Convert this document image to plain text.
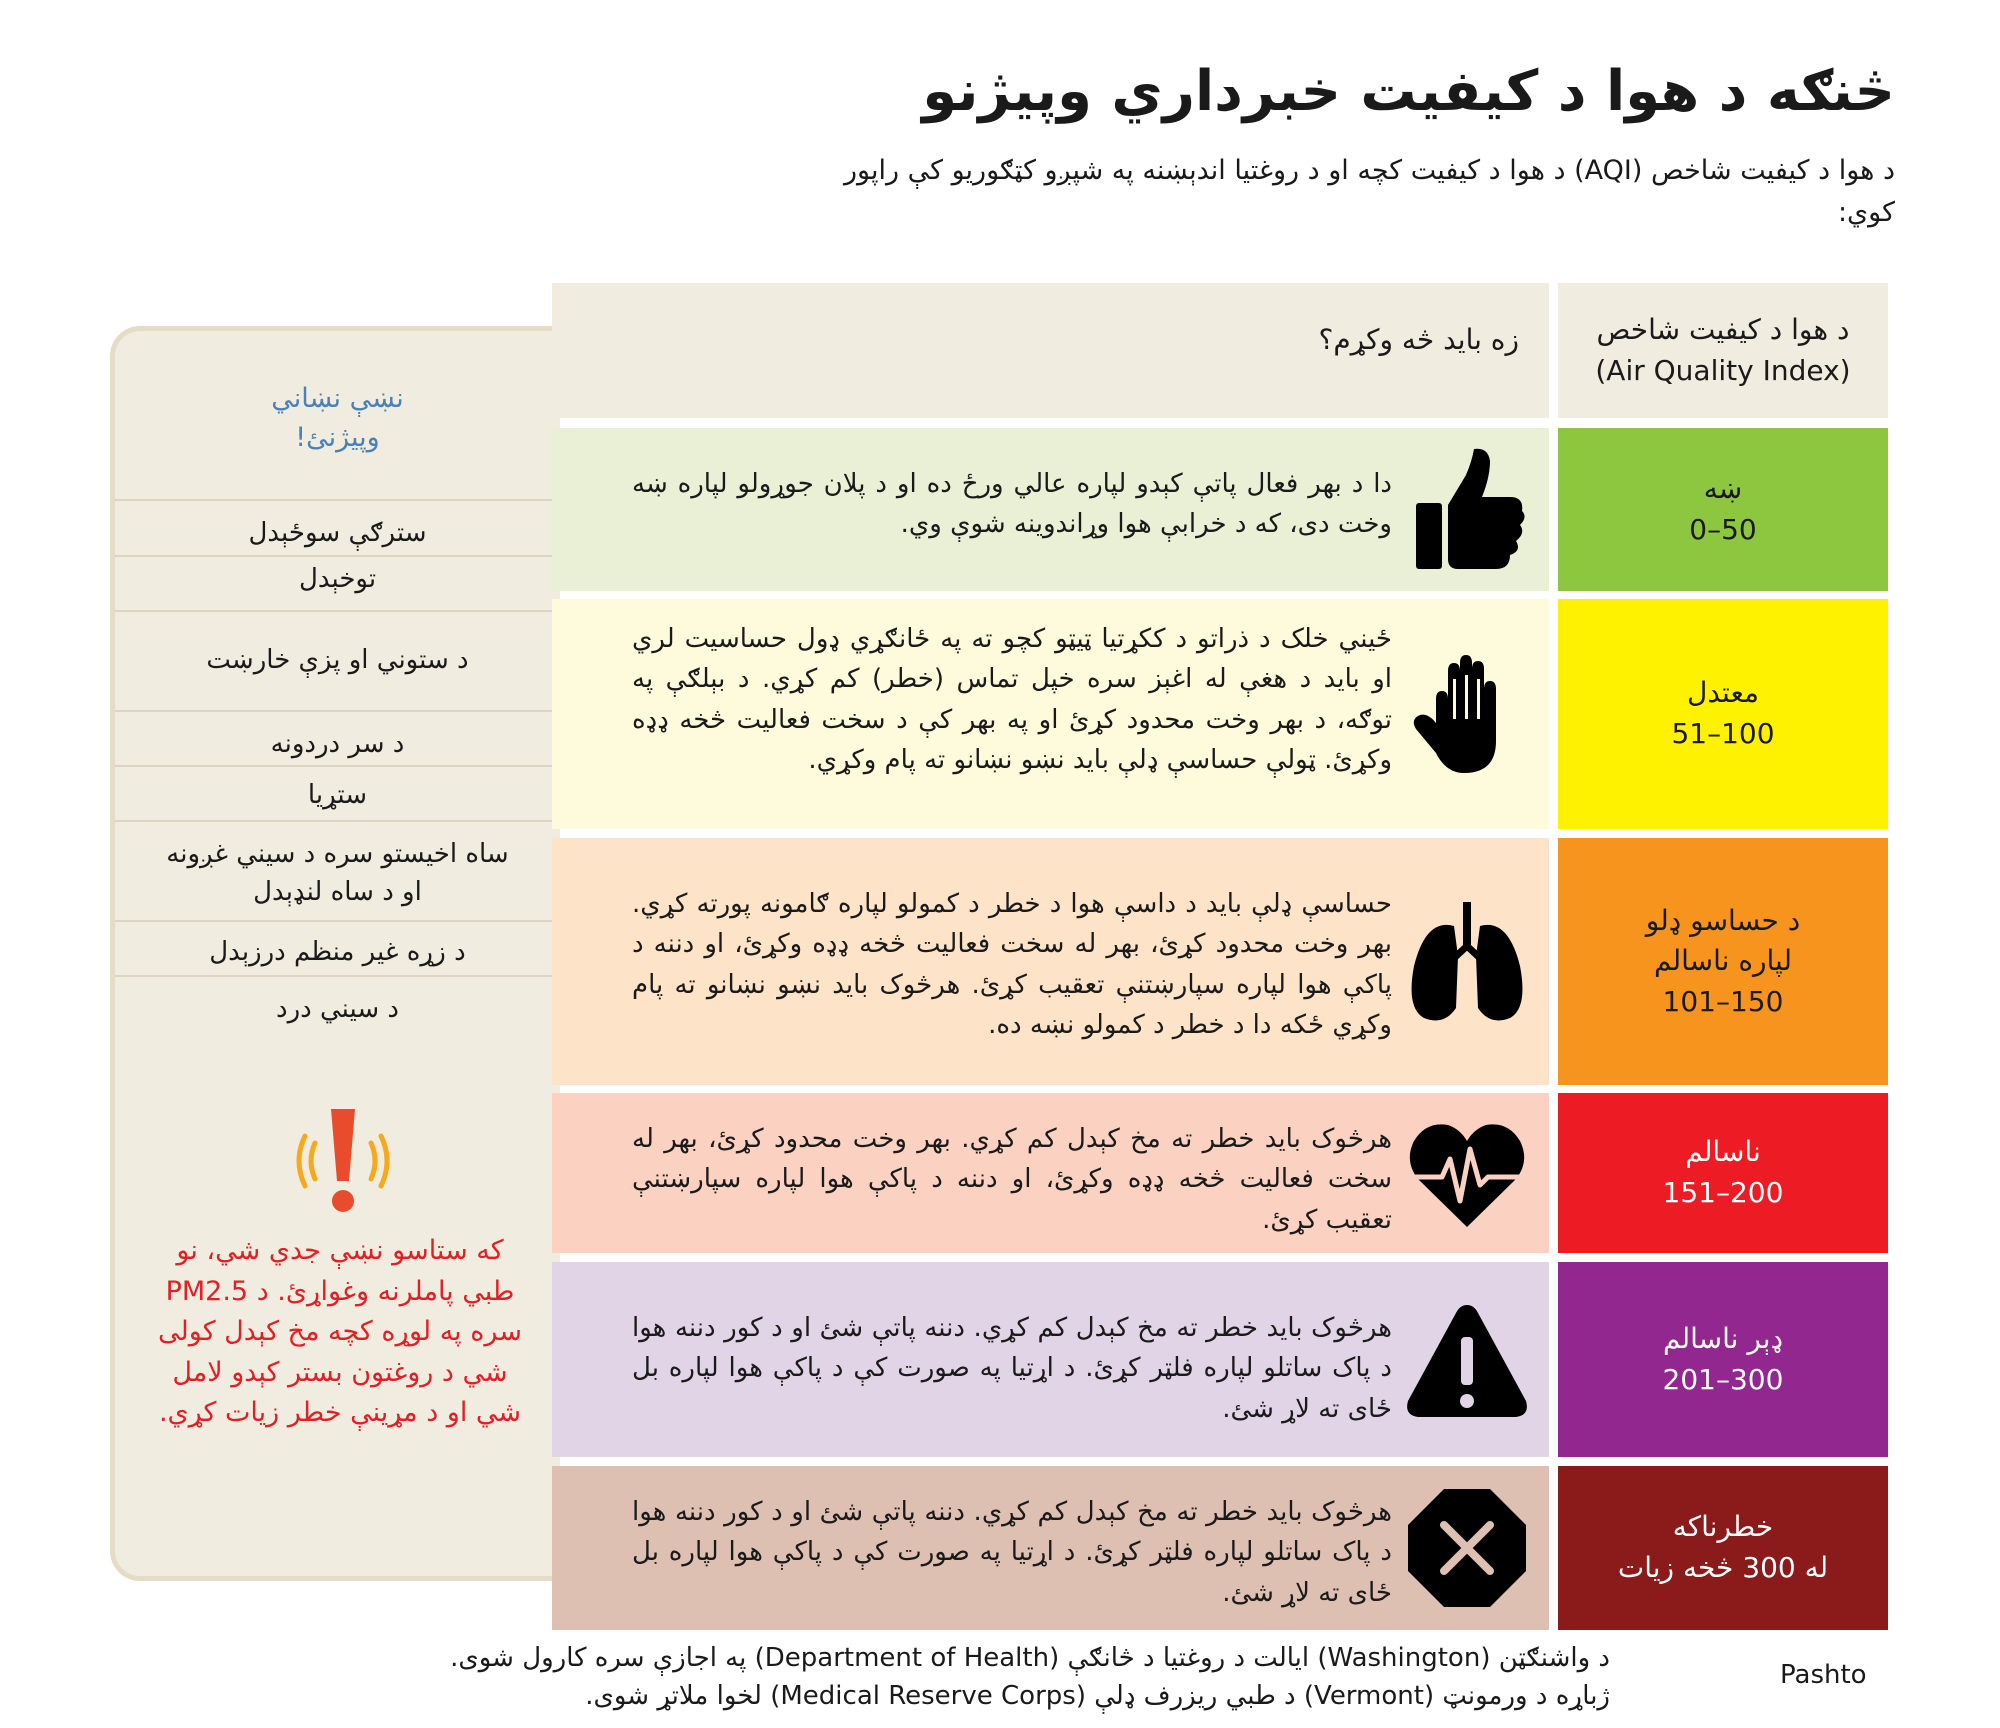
څنګه د هوا د کيفيت خبرداري وپيژنو
د هوا د کيفيت شاخص (AQI) د هوا د کيفيت کچه او د روغتيا اندېښنه په شپږو کټګوريو کې راپور کوي:
نښې نښاني
وپيژنئ!
سترګې سوځېدل
توخېدل
د ستوني او پزې خارښت
د سر دردونه
ستړيا
ساه اخيستو سره د سيني غږونه او د ساه لنډېدل
د زړه غير منظم درزېدل
د سيني درد
که ستاسو نښې جدي شي، نو طبي پاملرنه وغواړئ. د PM2.5 سره په لوړه کچه مخ کېدل کولی شي د روغتون بستر کېدو لامل شي او د مړينې خطر زيات کړي.
زه بايد څه وکړم؟	د هوا د کيفيت شاخص
(Air Quality Index)
دا د بهر فعال پاتې کېدو لپاره عالي ورځ ده او د پلان جوړولو لپاره ښه وخت دی، که د خرابې هوا وړاندوينه شوې وي.
ښه
0–50
ځيني خلک د ذراتو د ککړتيا ټيټو کچو ته په ځانګړي ډول حساسيت لري او بايد د هغې له اغېز سره خپل تماس (خطر) کم کړي. د بېلګې په توګه، د بهر وخت محدود کړئ او په بهر کې د سخت فعاليت څخه ډډه وکړئ. ټولې حساسې ډلې بايد نښو نښانو ته پام وکړي.
معتدل
51–100
حساسې ډلې بايد د داسې هوا د خطر د کمولو لپاره ګامونه پورته کړي. بهر وخت محدود کړئ، بهر له سخت فعاليت څخه ډډه وکړئ، او دننه د پاکې هوا لپاره سپارښتنې تعقيب کړئ. هرڅوک بايد نښو نښانو ته پام وکړي ځکه دا د خطر د کمولو نښه ده.
د حساسو ډلو لپاره ناسالم
101–150
هرڅوک بايد خطر ته مخ کېدل کم کړي. بهر وخت محدود کړئ، بهر له سخت فعاليت څخه ډډه وکړئ، او دننه د پاکې هوا لپاره سپارښتنې تعقيب کړئ.
ناسالم
151–200
هرڅوک بايد خطر ته مخ کېدل کم کړي. دننه پاتې شئ او د کور دننه هوا د پاک ساتلو لپاره فلټر کړئ. د اړتيا په صورت کې د پاکې هوا لپاره بل ځای ته لاړ شئ.
ډېر ناسالم
201–300
هرڅوک بايد خطر ته مخ کېدل کم کړي. دننه پاتې شئ او د کور دننه هوا د پاک ساتلو لپاره فلټر کړئ. د اړتيا په صورت کې د پاکې هوا لپاره بل ځای ته لاړ شئ.
خطرناکه
له 300 څخه زيات
د واشنګټن (Washington) ايالت د روغتيا د څانګې (Department of Health) په اجازې سره کارول شوی.
ژباړه د ورمونټ (Vermont) د طبي ريزرف ډلې (Medical Reserve Corps) لخوا ملاتړ شوی.
Pashto
